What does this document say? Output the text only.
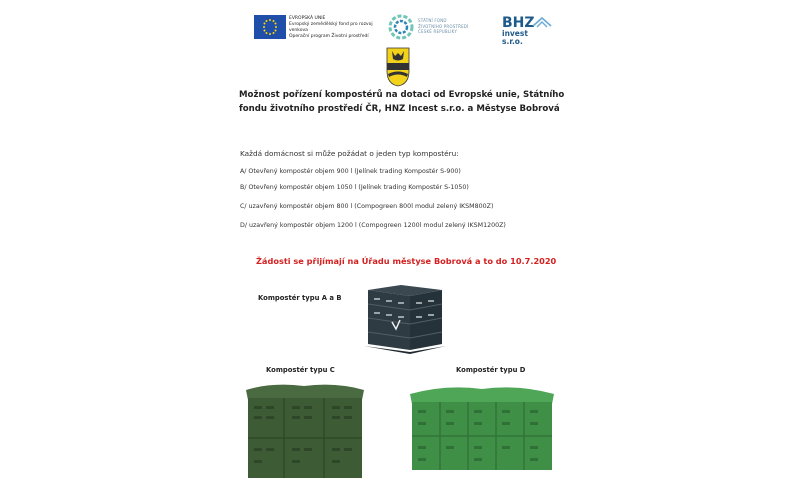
EVROPSKÁ UNIE
Evropský zemědělský fond pro rozvoj venkova
Operační program Životní prostředí
STÁTNÍ FOND
ŽIVOTNÍHO PROSTŘEDÍ
ČESKÉ REPUBLIKY
BHZ
invest s.r.o.
Možnost pořízení kompostérů na dotaci od Evropské unie, Státního
fondu životního prostředí ČR, HNZ Incest s.r.o. a Městyse Bobrová
Každá domácnost si může požádat o jeden typ kompostéru:
A/ Otevřený kompostér objem 900 l (Jelínek trading Kompostér S-900)
B/ Otevřený kompostér objem 1050 l (Jelínek trading Kompostér S-1050)
C/ uzavřený kompostér objem 800 l (Compogreen 800l modul zelený IKSM800Z)
D/ uzavřený kompostér objem 1200 l (Compogreen 1200l modul zelený IKSM1200Z)
Žádosti se přijímají na Úřadu městyse Bobrová a to do 10.7.2020
Kompostér typu A a B
Kompostér typu C	Kompostér typu D
